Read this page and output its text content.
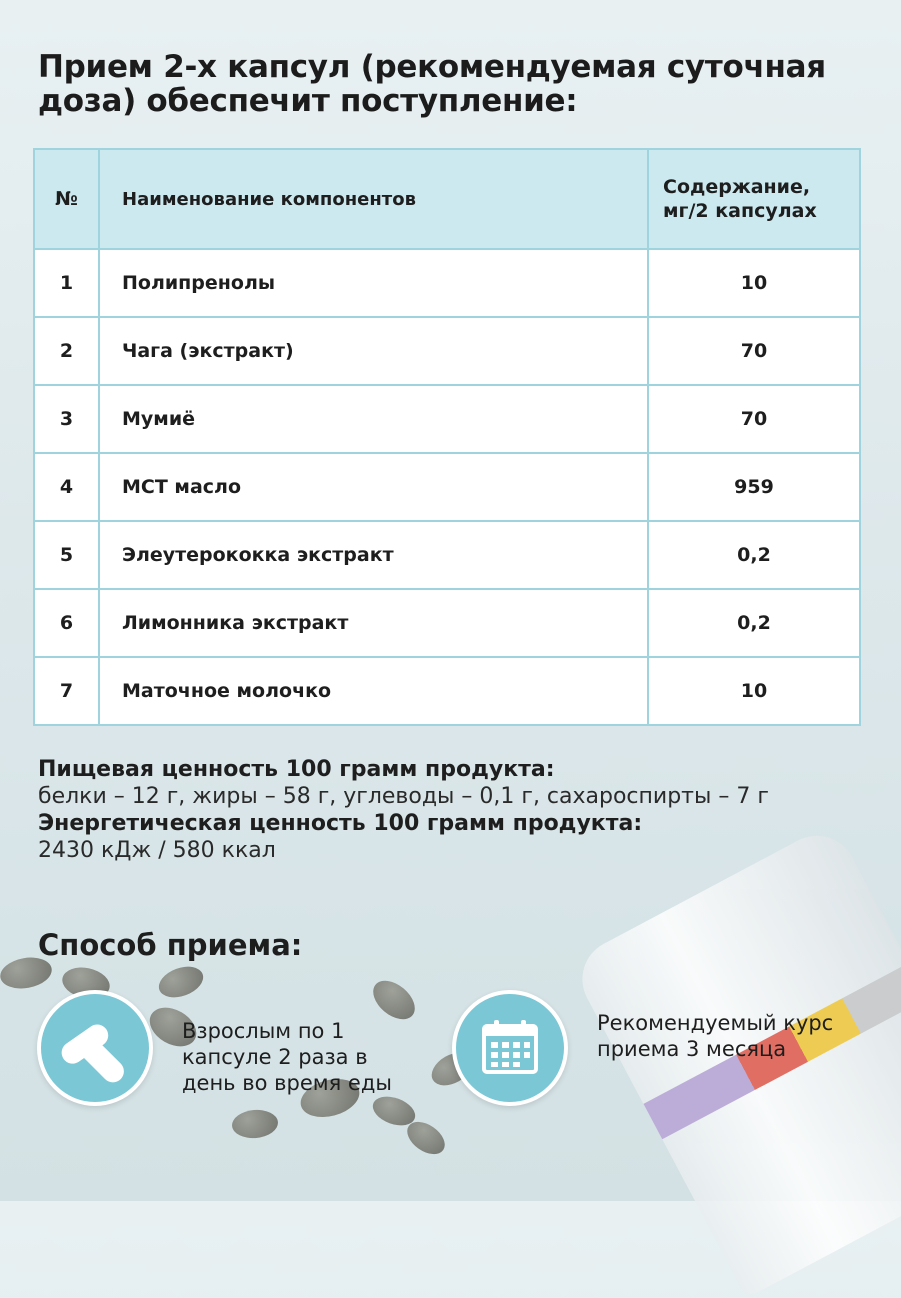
Прием 2-х капсул (рекомендуемая суточная доза) обеспечит поступление:
№	Наименование компонентов	Содержание, мг/2 капсулах
1	Полипренолы	10
2	Чага (экстракт)	70
3	Мумиё	70
4	МСТ масло	959
5	Элеутерококка экстракт	0,2
6	Лимонника экстракт	0,2
7	Маточное молочко	10
Пищевая ценность 100 грамм продукта:
белки – 12 г, жиры – 58 г, углеводы – 0,1 г, сахароспирты – 7 г
Энергетическая ценность 100 грамм продукта:
2430 кДж / 580 ккал
Способ приема:
Взрослым по 1 капсуле 2 раза в день во время еды
Рекомендуемый курс приема 3 месяца
